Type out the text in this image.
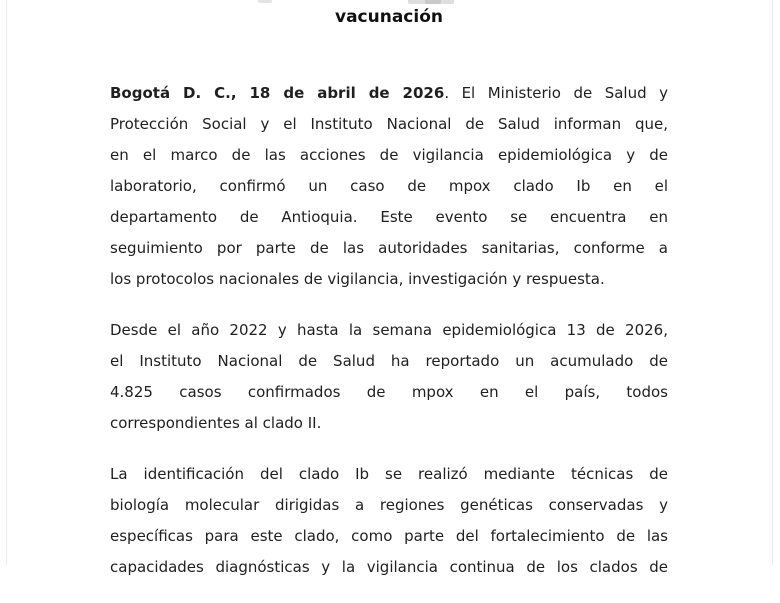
vacunación
Bogotá D. C., 18 de abril de 2026. El Ministerio de Salud y
Protección Social y el Instituto Nacional de Salud informan que,
en el marco de las acciones de vigilancia epidemiológica y de
laboratorio, confirmó un caso de mpox clado Ib en el
departamento de Antioquia. Este evento se encuentra en
seguimiento por parte de las autoridades sanitarias, conforme a
los protocolos nacionales de vigilancia, investigación y respuesta.
Desde el año 2022 y hasta la semana epidemiológica 13 de 2026,
el Instituto Nacional de Salud ha reportado un acumulado de
4.825 casos confirmados de mpox en el país, todos
correspondientes al clado II.
La identificación del clado Ib se realizó mediante técnicas de
biología molecular dirigidas a regiones genéticas conservadas y
específicas para este clado, como parte del fortalecimiento de las
capacidades diagnósticas y la vigilancia continua de los clados de
